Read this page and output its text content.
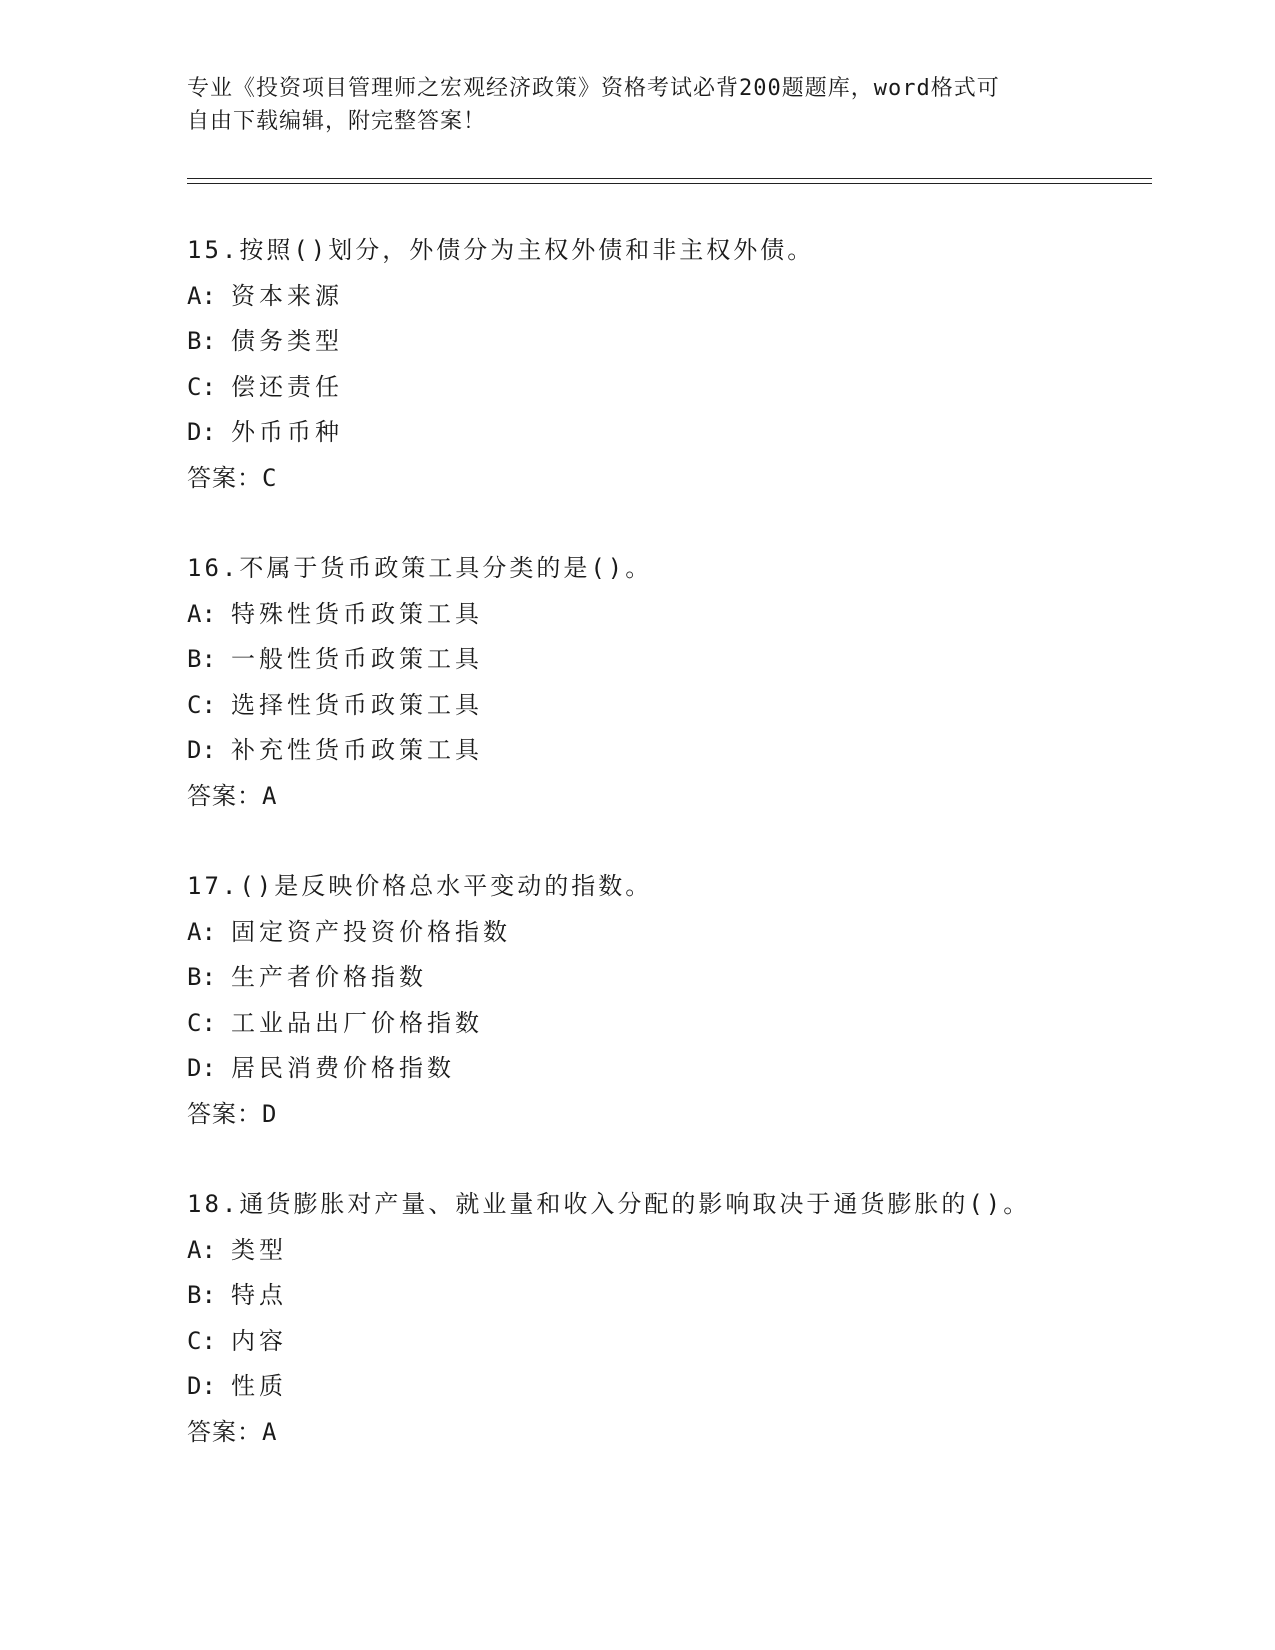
专业《投资项目管理师之宏观经济政策》资格考试必背200题题库，word格式可
自由下载编辑，附完整答案！
15.按照()划分，外债分为主权外债和非主权外债。
A: 资本来源
B: 债务类型
C: 偿还责任
D: 外币币种
答案：C
16.不属于货币政策工具分类的是()。
A: 特殊性货币政策工具
B: 一般性货币政策工具
C: 选择性货币政策工具
D: 补充性货币政策工具
答案：A
17.()是反映价格总水平变动的指数。
A: 固定资产投资价格指数
B: 生产者价格指数
C: 工业品出厂价格指数
D: 居民消费价格指数
答案：D
18.通货膨胀对产量、就业量和收入分配的影响取决于通货膨胀的()。
A: 类型
B: 特点
C: 内容
D: 性质
答案：A
